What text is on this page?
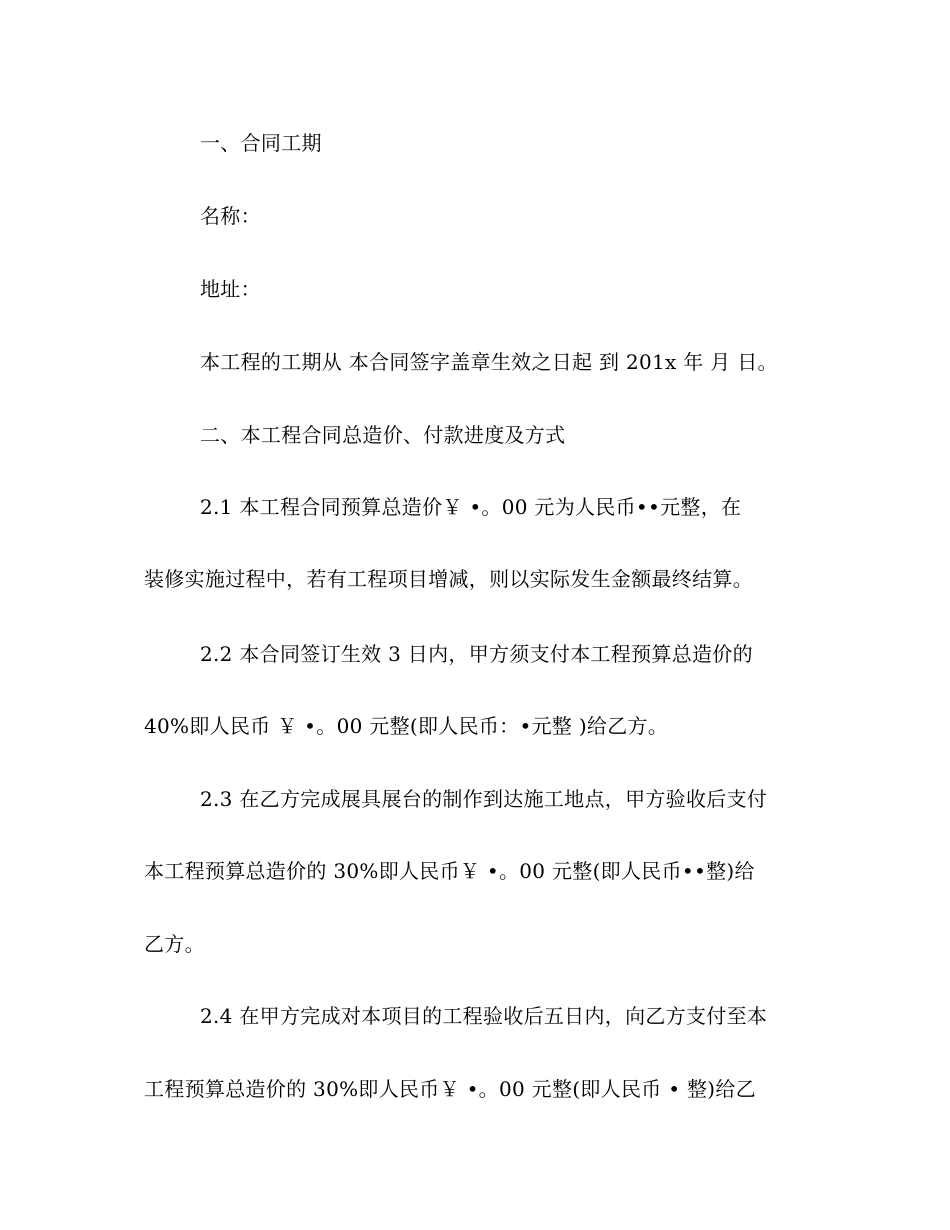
一、合同工期
名称：
地址：
本工程的工期从 本合同签字盖章生效之日起 到 201x 年 月 日。
二、本工程合同总造价、付款进度及方式
2.1 本工程合同预算总造价￥ •。00 元为人民币••元整，在
装修实施过程中，若有工程项目增减，则以实际发生金额最终结算。
2.2 本合同签订生效 3 日内，甲方须支付本工程预算总造价的
40%即人民币 ￥ •。00 元整(即人民币：•元整 )给乙方。
2.3 在乙方完成展具展台的制作到达施工地点，甲方验收后支付
本工程预算总造价的 30%即人民币￥ •。00 元整(即人民币••整)给
乙方。
2.4 在甲方完成对本项目的工程验收后五日内，向乙方支付至本
工程预算总造价的 30%即人民币￥ •。00 元整(即人民币 • 整)给乙
